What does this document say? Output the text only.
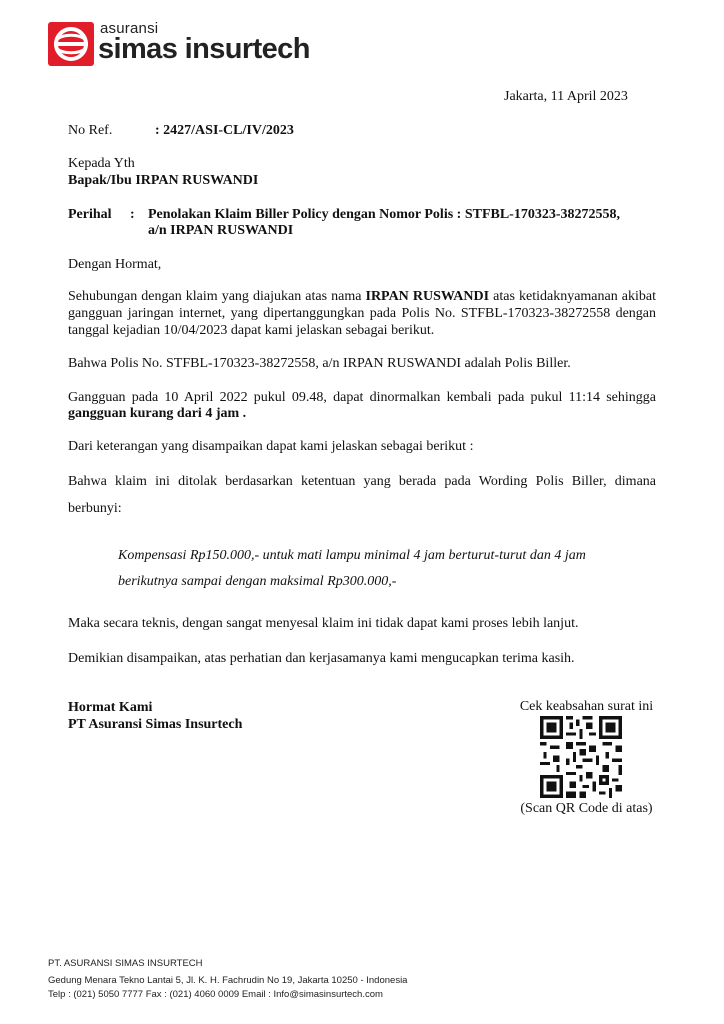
asuransi
simas insurtech
Jakarta, 11 April 2023
No Ref.	: 2427/ASI-CL/IV/2023
Kepada Yth
Bapak/Ibu IRPAN RUSWANDI
Perihal : Penolakan Klaim Biller Policy dengan Nomor Polis : STFBL-170323-38272558,
a/n IRPAN RUSWANDI
Dengan Hormat,
Sehubungan dengan klaim yang diajukan atas nama IRPAN RUSWANDI atas ketidaknyamanan akibat gangguan jaringan internet, yang dipertanggungkan pada Polis No. STFBL-170323-38272558 dengan tanggal kejadian 10/04/2023 dapat kami jelaskan sebagai berikut.
Bahwa Polis No. STFBL-170323-38272558, a/n IRPAN RUSWANDI adalah Polis Biller.
Gangguan pada 10 April 2022 pukul 09.48, dapat dinormalkan kembali pada pukul 11:14 sehingga
gangguan kurang dari 4 jam .
Dari keterangan yang disampaikan dapat kami jelaskan sebagai berikut :
Bahwa klaim ini ditolak berdasarkan ketentuan yang berada pada Wording Polis Biller, dimana
berbunyi:
Kompensasi Rp150.000,- untuk mati lampu minimal 4 jam berturut-turut dan 4 jam
berikutnya sampai dengan maksimal Rp300.000,-
Maka secara teknis, dengan sangat menyesal klaim ini tidak dapat kami proses lebih lanjut.
Demikian disampaikan, atas perhatian dan kerjasamanya kami mengucapkan terima kasih.
Hormat Kami
PT Asuransi Simas Insurtech
Cek keabsahan surat ini
(Scan QR Code di atas)
PT. ASURANSI SIMAS INSURTECH
Gedung Menara Tekno Lantai 5, Jl. K. H. Fachrudin No 19, Jakarta 10250 - Indonesia
Telp : (021) 5050 7777 Fax : (021) 4060 0009 Email : Info@simasinsurtech.com
